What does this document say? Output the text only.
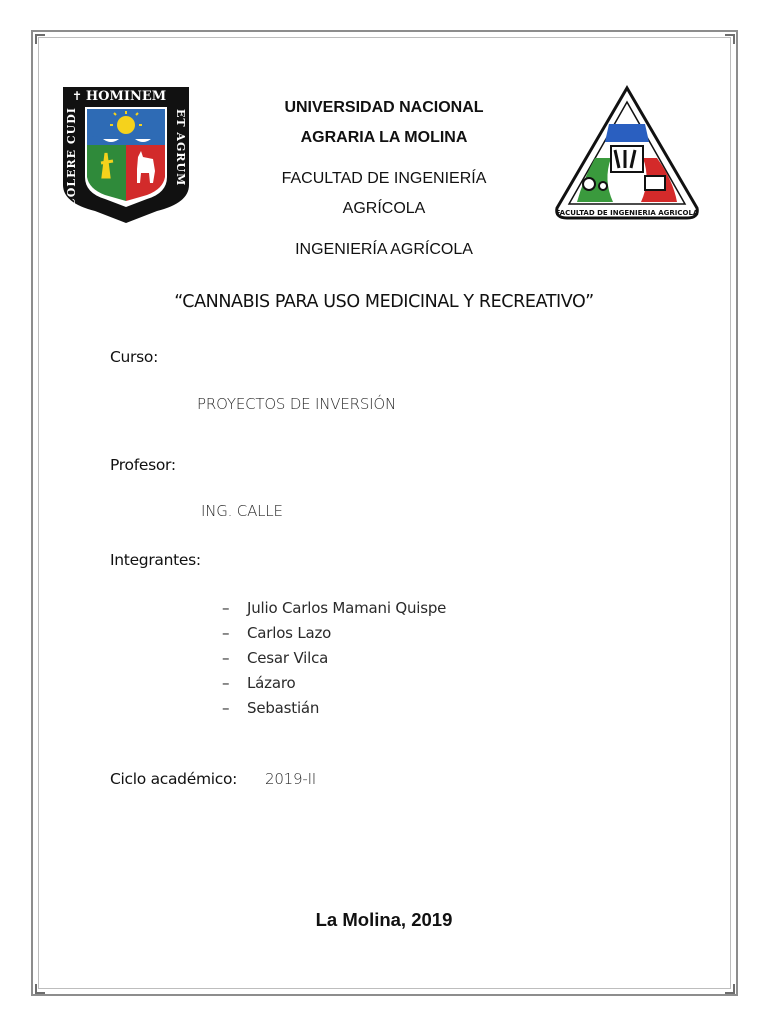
HOMINEM
✝
COLERE CUDI	ET AGRUM
FACULTAD DE INGENIERIA AGRICOLA
UNIVERSIDAD NACIONAL
AGRARIA LA MOLINA
FACULTAD DE INGENIERÍA
AGRÍCOLA
INGENIERÍA AGRÍCOLA
“CANNABIS PARA USO MEDICINAL Y RECREATIVO”
Curso:
PROYECTOS DE INVERSIÓN
Profesor:
ING. CALLE
Integrantes:
– Julio Carlos Mamani Quispe
– Carlos Lazo
– Cesar Vilca
– Lázaro
– Sebastián
Ciclo académico: 2019-II
La Molina, 2019
